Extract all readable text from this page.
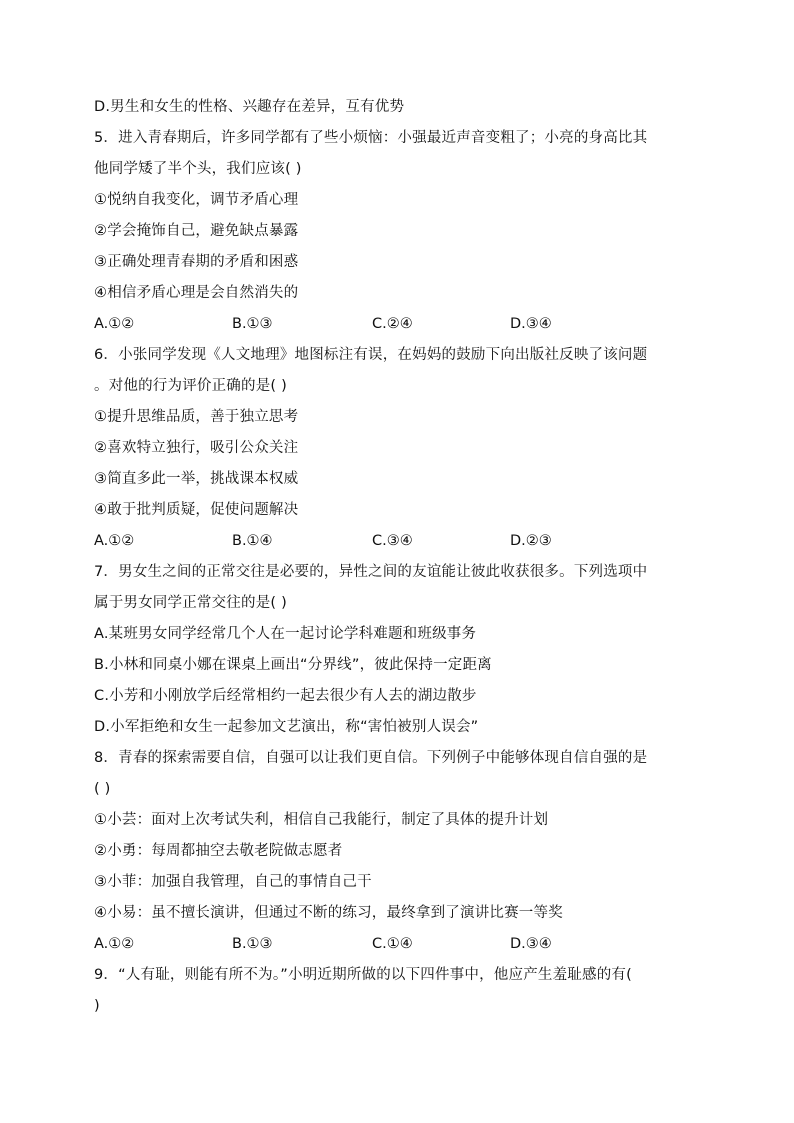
D.男生和女生的性格、兴趣存在差异，互有优势
5．进入青春期后，许多同学都有了些小烦恼：小强最近声音变粗了；小亮的身高比其
他同学矮了半个头，我们应该( )
①悦纳自我变化，调节矛盾心理
②学会掩饰自己，避免缺点暴露
③正确处理青春期的矛盾和困惑
④相信矛盾心理是会自然消失的
A.①②	B.①③	C.②④	D.③④
6．小张同学发现《人文地理》地图标注有误，在妈妈的鼓励下向出版社反映了该问题
。对他的行为评价正确的是( )
①提升思维品质，善于独立思考
②喜欢特立独行，吸引公众关注
③简直多此一举，挑战课本权威
④敢于批判质疑，促使问题解决
A.①②	B.①④	C.③④	D.②③
7．男女生之间的正常交往是必要的，异性之间的友谊能让彼此收获很多。下列选项中
属于男女同学正常交往的是( )
A.某班男女同学经常几个人在一起讨论学科难题和班级事务
B.小林和同桌小娜在课桌上画出“分界线”，彼此保持一定距离
C.小芳和小刚放学后经常相约一起去很少有人去的湖边散步
D.小军拒绝和女生一起参加文艺演出，称“害怕被别人误会”
8．青春的探索需要自信，自强可以让我们更自信。下列例子中能够体现自信自强的是
( )
①小芸：面对上次考试失利，相信自己我能行，制定了具体的提升计划
②小勇：每周都抽空去敬老院做志愿者
③小菲：加强自我管理，自己的事情自己干
④小易：虽不擅长演讲，但通过不断的练习，最终拿到了演讲比赛一等奖
A.①②	B.①③	C.①④	D.③④
9．“人有耻，则能有所不为。”小明近期所做的以下四件事中，他应产生羞耻感的有(
)
